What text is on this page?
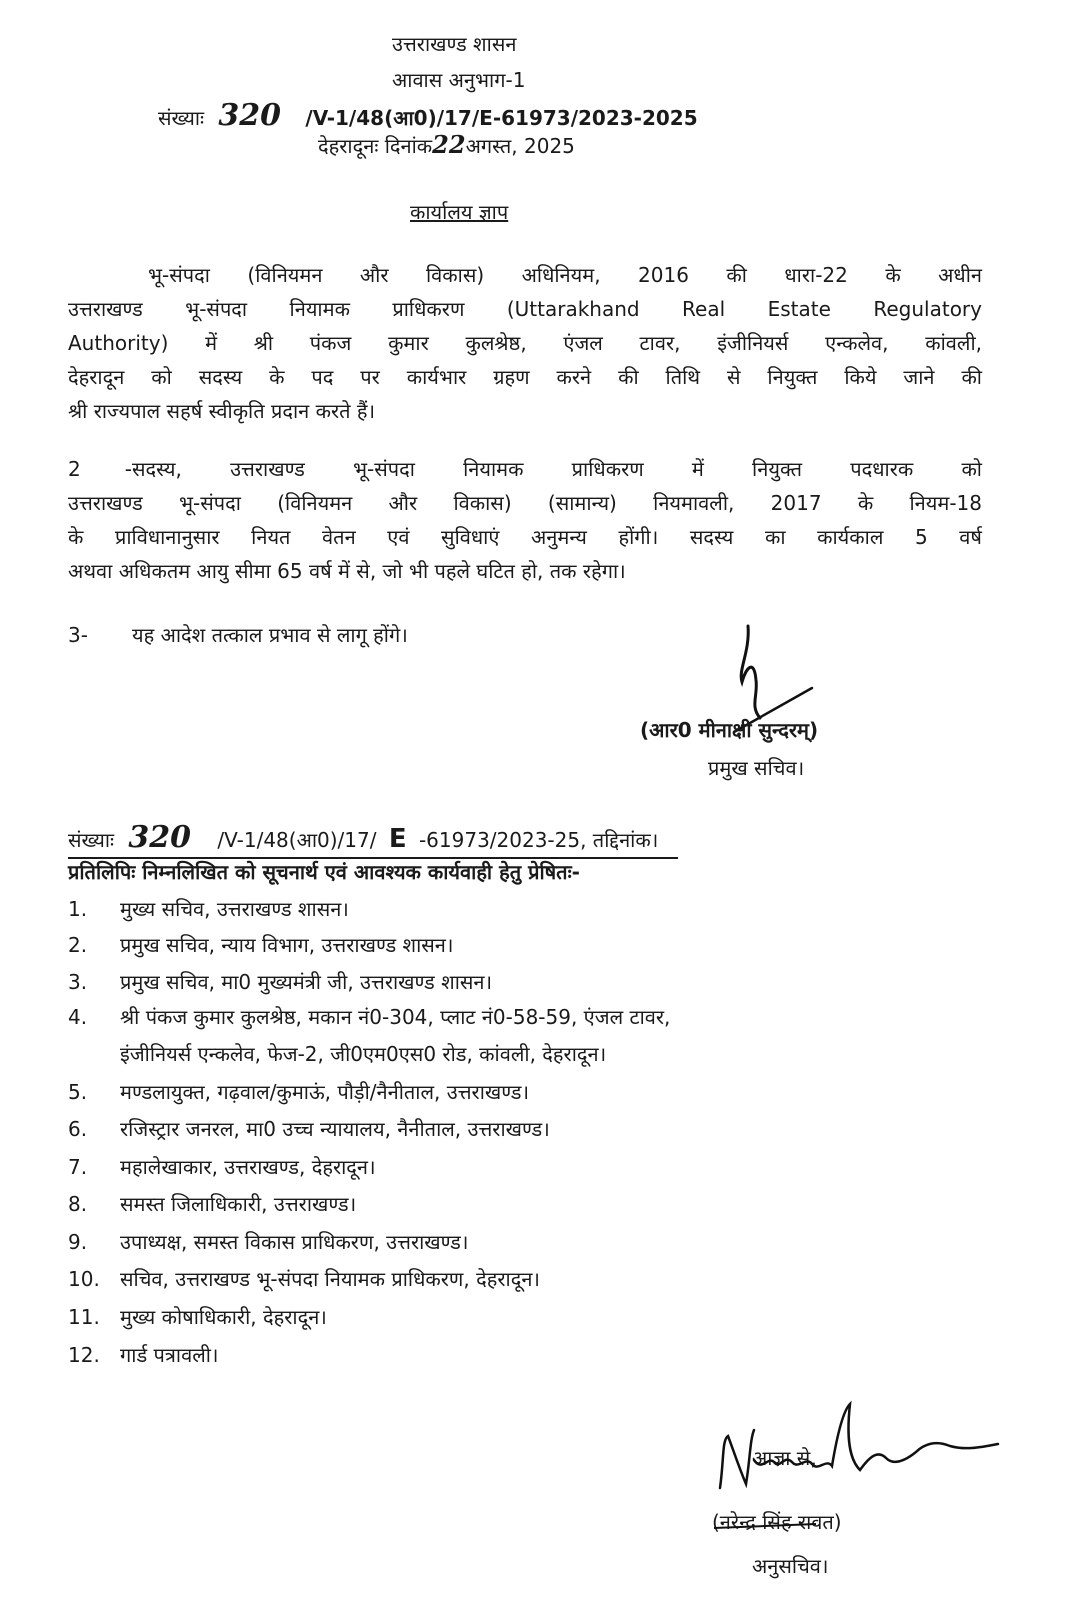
उत्तराखण्ड शासन
आवास अनुभाग-1
संख्याः 320 /V-1/48(आ0)/17/E-61973/2023-2025
देहरादूनः दिनांक22अगस्त, 2025
कार्यालय ज्ञाप
भू-संपदा (विनियमन और विकास) अधिनियम, 2016 की धारा-22 के अधीन
उत्तराखण्ड भू-संपदा नियामक प्राधिकरण (Uttarakhand Real Estate Regulatory
Authority) में श्री पंकज कुमार कुलश्रेष्ठ, एंजल टावर, इंजीनियर्स एन्कलेव, कांवली,
देहरादून को सदस्य के पद पर कार्यभार ग्रहण करने की तिथि से नियुक्त किये जाने की
श्री राज्यपाल सहर्ष स्वीकृति प्रदान करते हैं।
2 -सदस्य, उत्तराखण्ड भू-संपदा नियामक प्राधिकरण में नियुक्त पदधारक को
उत्तराखण्ड भू-संपदा (विनियमन और विकास) (सामान्य) नियमावली, 2017 के नियम-18
के प्राविधानानुसार नियत वेतन एवं सुविधाएं अनुमन्य होंगी। सदस्य का कार्यकाल 5 वर्ष
अथवा अधिकतम आयु सीमा 65 वर्ष में से, जो भी पहले घटित हो, तक रहेगा।
3- यह आदेश तत्काल प्रभाव से लागू होंगे।
(आर0 मीनाक्षी सुन्दरम्)
प्रमुख सचिव।
संख्याः 320 /V-1/48(आ0)/17/ E -61973/2023-25, तद्दिनांक।
प्रतिलिपिः निम्नलिखित को सूचनार्थ एवं आवश्यक कार्यवाही हेतु प्रेषितः-
1. मुख्य सचिव, उत्तराखण्ड शासन।
2. प्रमुख सचिव, न्याय विभाग, उत्तराखण्ड शासन।
3. प्रमुख सचिव, मा0 मुख्यमंत्री जी, उत्तराखण्ड शासन।
4. श्री पंकज कुमार कुलश्रेष्ठ, मकान नं0-304, प्लाट नं0-58-59, एंजल टावर,
इंजीनियर्स एन्कलेव, फेज-2, जी0एम0एस0 रोड, कांवली, देहरादून।
5. मण्डलायुक्त, गढ़वाल/कुमाऊं, पौड़ी/नैनीताल, उत्तराखण्ड।
6. रजिस्ट्रार जनरल, मा0 उच्च न्यायालय, नैनीताल, उत्तराखण्ड।
7. महालेखाकार, उत्तराखण्ड, देहरादून।
8. समस्त जिलाधिकारी, उत्तराखण्ड।
9. उपाध्यक्ष, समस्त विकास प्राधिकरण, उत्तराखण्ड।
10. सचिव, उत्तराखण्ड भू-संपदा नियामक प्राधिकरण, देहरादून।
11. मुख्य कोषाधिकारी, देहरादून।
12. गार्ड पत्रावली।
आज्ञा से,
(नरेन्द्र सिंह रावत)
अनुसचिव।
